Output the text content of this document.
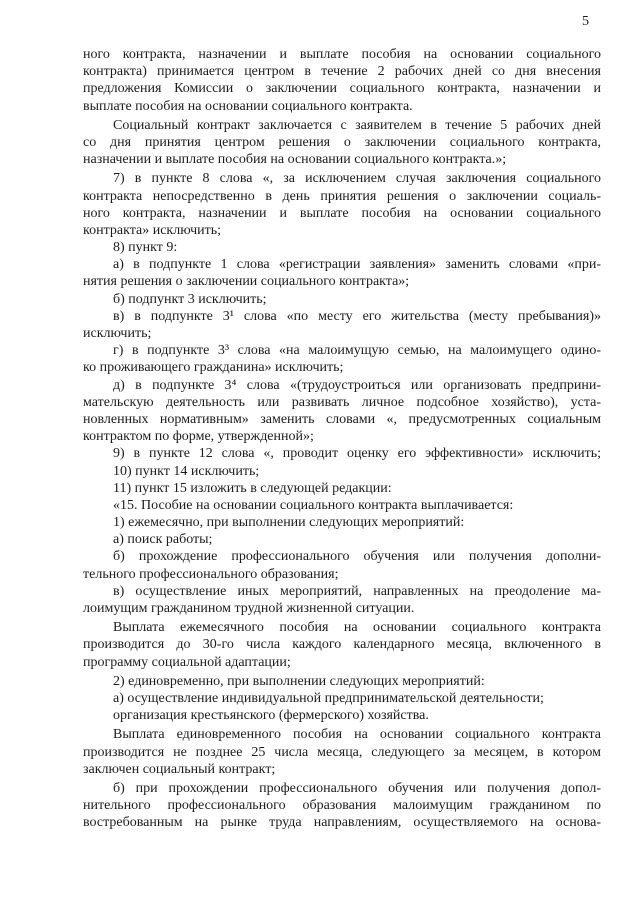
5
ного контракта, назначении и выплате пособия на основании социального
контракта) принимается центром в течение 2 рабочих дней со дня внесения
предложения Комиссии о заключении социального контракта, назначении и
выплате пособия на основании социального контракта.
Социальный контракт заключается с заявителем в течение 5 рабочих дней
со дня принятия центром решения о заключении социального контракта,
назначении и выплате пособия на основании социального контракта.»;
7) в пункте 8 слова «, за исключением случая заключения социального
контракта непосредственно в день принятия решения о заключении социаль-
ного контракта, назначении и выплате пособия на основании социального
контракта» исключить;
8) пункт 9:
а) в подпункте 1 слова «регистрации заявления» заменить словами «при-
нятия решения о заключении социального контракта»;
б) подпункт 3 исключить;
в) в подпункте 3¹ слова «по месту его жительства (месту пребывания)»
исключить;
г) в подпункте 3³ слова «на малоимущую семью, на малоимущего одино-
ко проживающего гражданина» исключить;
д) в подпункте 3⁴ слова «(трудоустроиться или организовать предприни-
мательскую деятельность или развивать личное подсобное хозяйство), уста-
новленных нормативным» заменить словами «, предусмотренных социальным
контрактом по форме, утвержденной»;
9) в пункте 12 слова «, проводит оценку его эффективности» исключить;
10) пункт 14 исключить;
11) пункт 15 изложить в следующей редакции:
«15. Пособие на основании социального контракта выплачивается:
1) ежемесячно, при выполнении следующих мероприятий:
а) поиск работы;
б) прохождение профессионального обучения или получения дополни-
тельного профессионального образования;
в) осуществление иных мероприятий, направленных на преодоление ма-
лоимущим гражданином трудной жизненной ситуации.
Выплата ежемесячного пособия на основании социального контракта
производится до 30-го числа каждого календарного месяца, включенного в
программу социальной адаптации;
2) единовременно, при выполнении следующих мероприятий:
а) осуществление индивидуальной предпринимательской деятельности;
организация крестьянского (фермерского) хозяйства.
Выплата единовременного пособия на основании социального контракта
производится не позднее 25 числа месяца, следующего за месяцем, в котором
заключен социальный контракт;
б) при прохождении профессионального обучения или получения допол-
нительного профессионального образования малоимущим гражданином по
востребованным на рынке труда направлениям, осуществляемого на основа-
